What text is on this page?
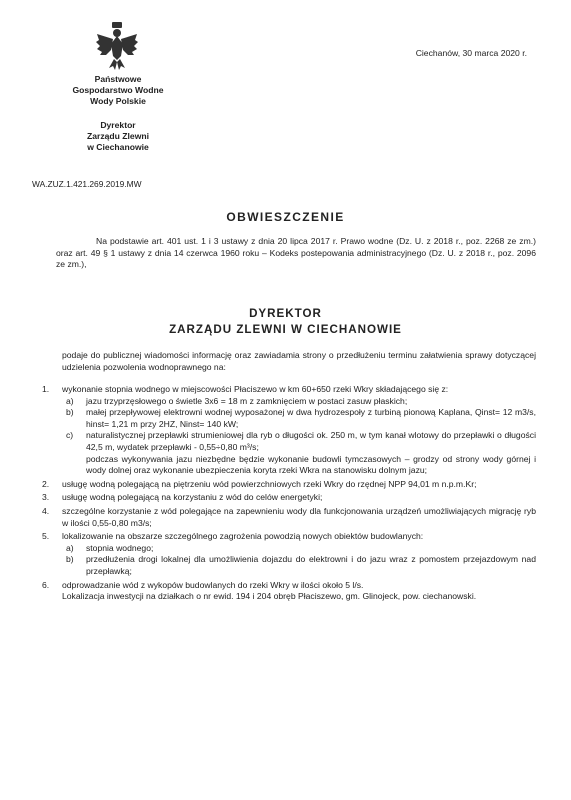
Państwowe
Gospodarstwo Wodne
Wody Polskie
Dyrektor
Zarządu Zlewni
w Ciechanowie
Ciechanów, 30 marca 2020 r.
WA.ZUZ.1.421.269.2019.MW
OBWIESZCZENIE

Na podstawie art. 401 ust. 1 i 3 ustawy z dnia 20 lipca 2017 r. Prawo wodne (Dz. U. z 2018 r., poz. 2268 ze zm.) oraz art. 49 § 1 ustawy z dnia 14 czerwca 1960 roku – Kodeks postepowania administracyjnego (Dz. U. z 2018 r., poz. 2096 ze zm.),

DYREKTOR
ZARZĄDU ZLEWNI W CIECHANOWIE
podaje do publicznej wiadomości informację oraz zawiadamia strony o przedłużeniu terminu załatwienia sprawy dotyczącej udzielenia pozwolenia wodnoprawnego na:
1.	wykonanie stopnia wodnego w miejscowości Płaciszewo w km 60+650 rzeki Wkry składającego się z:
a) jazu trzyprzęsłowego o świetle 3x6 = 18 m z zamknięciem w postaci zasuw płaskich;
b) małej przepływowej elektrowni wodnej wyposażonej w dwa hydrozespoły z turbiną pionową Kaplana, Qinst= 12 m3/s, hinst= 1,21 m przy 2HZ, Ninst= 140 kW;
c) naturalistycznej przepławki strumieniowej dla ryb o długości ok. 250 m, w tym kanał wlotowy do przepławki o długości 42,5 m, wydatek przepławki - 0,55÷0,80 m³/s;
podczas wykonywania jazu niezbędne będzie wykonanie budowli tymczasowych – grodzy od strony wody górnej i wody dolnej oraz wykonanie ubezpieczenia koryta rzeki Wkra na stanowisku dolnym jazu;
2.	usługę wodną polegającą na piętrzeniu wód powierzchniowych rzeki Wkry do rzędnej NPP 94,01 m n.p.m.Kr;
3.	usługę wodną polegającą na korzystaniu z wód do celów energetyki;
4.	szczególne korzystanie z wód polegające na zapewnieniu wody dla funkcjonowania urządzeń umożliwiających migrację ryb w ilości 0,55-0,80 m3/s;
5.	lokalizowanie na obszarze szczególnego zagrożenia powodzią nowych obiektów budowlanych:
a) stopnia wodnego;
b) przedłużenia drogi lokalnej dla umożliwienia dojazdu do elektrowni i do jazu wraz z pomostem przejazdowym nad przepławką;
6.	odprowadzanie wód z wykopów budowlanych do rzeki Wkry w ilości około 5 l/s.
Lokalizacja inwestycji na działkach o nr ewid. 194 i 204 obręb Płaciszewo, gm. Glinojeck, pow. ciechanowski.
